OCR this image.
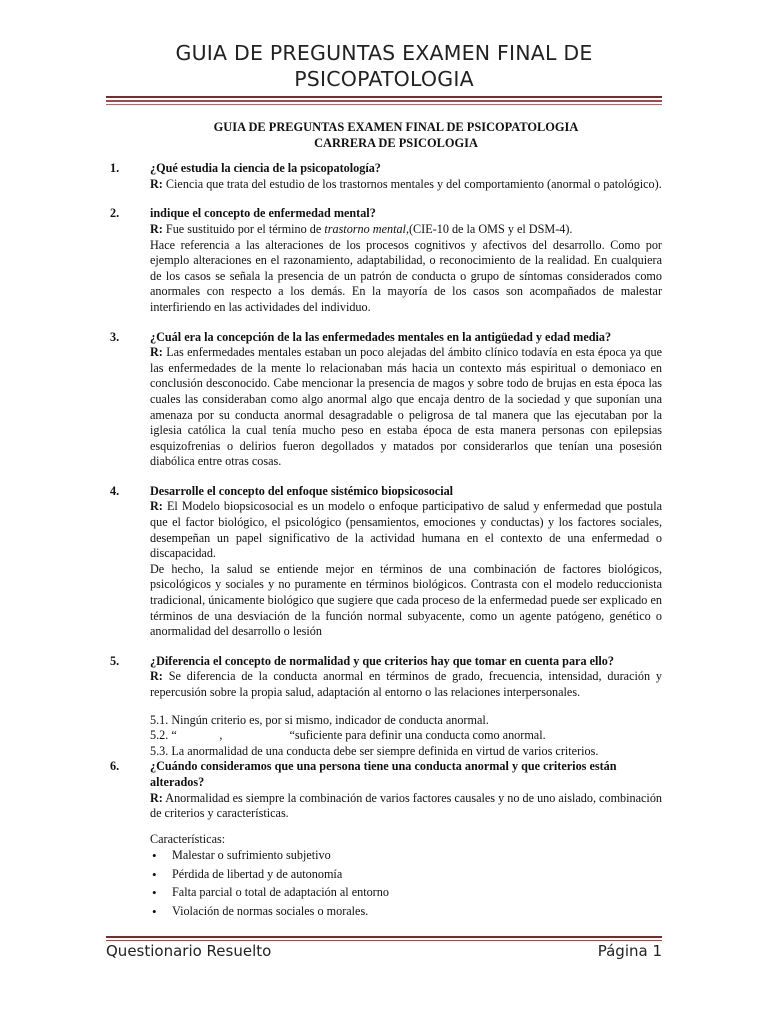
GUIA DE PREGUNTAS EXAMEN FINAL DE
PSICOPATOLOGIA
GUIA DE PREGUNTAS EXAMEN FINAL DE PSICOPATOLOGIA
CARRERA DE PSICOLOGIA
1.	¿Qué estudia la ciencia de la psicopatología?
R: Ciencia que trata del estudio de los trastornos mentales y del comportamiento (anormal o patológico).
2.	indique el concepto de enfermedad mental?
R: Fue sustituido por el término de trastorno mental,(CIE-10 de la OMS y el DSM-4).
Hace referencia a las alteraciones de los procesos cognitivos y afectivos del desarrollo. Como por ejemplo alteraciones en el razonamiento, adaptabilidad, o reconocimiento de la realidad. En cualquiera de los casos se señala la presencia de un patrón de conducta o grupo de síntomas considerados como anormales con respecto a los demás. En la mayoría de los casos son acompañados de malestar interfiriendo en las actividades del individuo.
3.	¿Cuál era la concepción de la las enfermedades mentales en la antigüedad y edad media?
R: Las enfermedades mentales estaban un poco alejadas del ámbito clínico todavía en esta época ya que las enfermedades de la mente lo relacionaban más hacia un contexto más espiritual o demoniaco en conclusión desconocido. Cabe mencionar la presencia de magos y sobre todo de brujas en esta época las cuales las consideraban como algo anormal algo que encaja dentro de la sociedad y que suponían una amenaza por su conducta anormal desagradable o peligrosa de tal manera que las ejecutaban por la iglesia católica la cual tenía mucho peso en estaba época de esta manera personas con epilepsias esquizofrenias o delirios fueron degollados y matados por considerarlos que tenían una posesión diabólica entre otras cosas.
4.	Desarrolle el concepto del enfoque sistémico biopsicosocial
R: El Modelo biopsicosocial es un modelo o enfoque participativo de salud y enfermedad que postula que el factor biológico, el psicológico (pensamientos, emociones y conductas) y los factores sociales, desempeñan un papel significativo de la actividad humana en el contexto de una enfermedad o discapacidad.
De hecho, la salud se entiende mejor en términos de una combinación de factores biológicos, psicológicos y sociales y no puramente en términos biológicos. Contrasta con el modelo reduccionista tradicional, únicamente biológico que sugiere que cada proceso de la enfermedad puede ser explicado en términos de una desviación de la función normal subyacente, como un agente patógeno, genético o anormalidad del desarrollo o lesión
5.	¿Diferencia el concepto de normalidad y que criterios hay que tomar en cuenta para ello?
R: Se diferencia de la conducta anormal en términos de grado, frecuencia, intensidad, duración y repercusión sobre la propia salud, adaptación al entorno o las relaciones interpersonales.
5.1. Ningún criterio es, por si mismo, indicador de conducta anormal.
5.2. “              ,                      “suficiente para definir una conducta como anormal.
5.3. La anormalidad de una conducta debe ser siempre definida en virtud de varios criterios.
6.	¿Cuándo consideramos que una persona tiene una conducta anormal y que criterios están alterados?
R: Anormalidad es siempre la combinación de varios factores causales y no de uno aislado, combinación de criterios y características.
Características:
• Malestar o sufrimiento subjetivo
• Pérdida de libertad y de autonomía
• Falta parcial o total de adaptación al entorno
• Violación de normas sociales o morales.
Questionario Resuelto	Página 1
